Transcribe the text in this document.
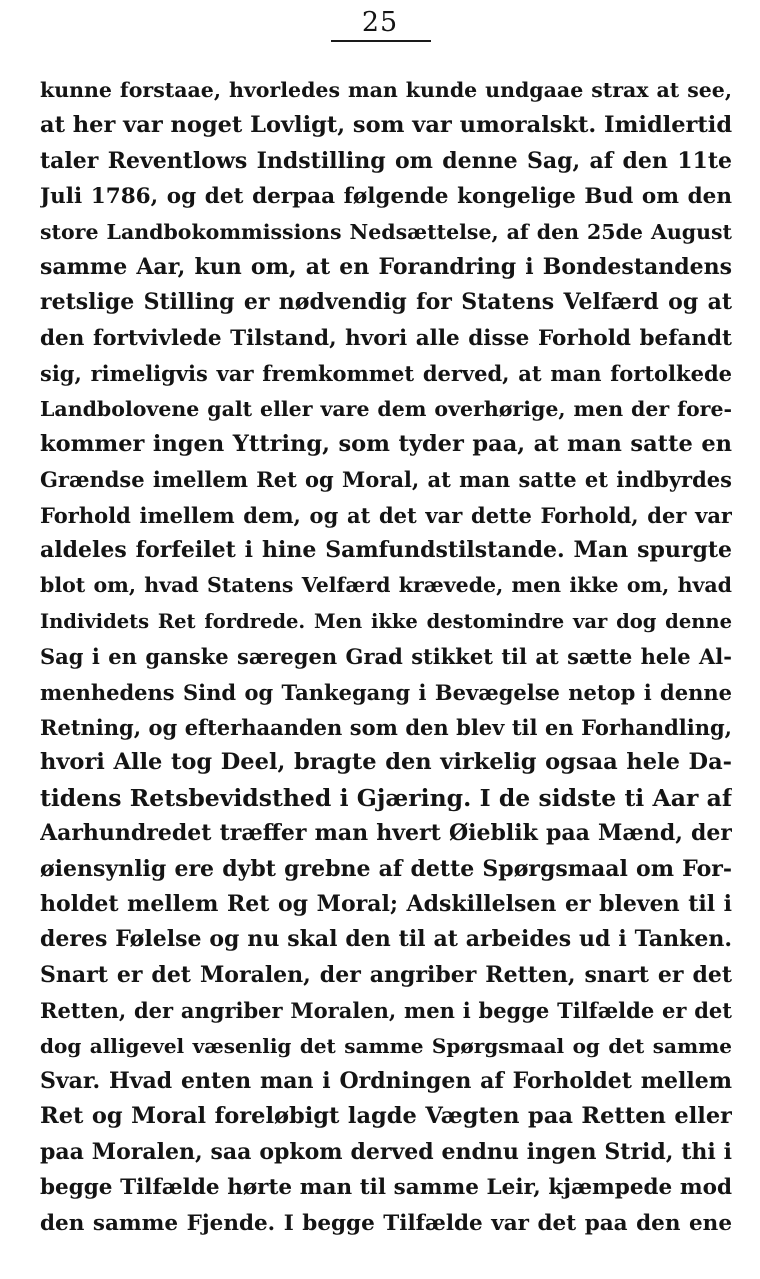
25
kunne forstaae, hvorledes man kunde undgaae strax at see,
at her var noget Lovligt, som var umoralskt. Imidlertid
taler Reventlows Indstilling om denne Sag, af den 11te
Juli 1786, og det derpaa følgende kongelige Bud om den
store Landbokommissions Nedsættelse, af den 25de August
samme Aar, kun om, at en Forandring i Bondestandens
retslige Stilling er nødvendig for Statens Velfærd og at
den fortvivlede Tilstand, hvori alle disse Forhold befandt
sig, rimeligvis var fremkommet derved, at man fortolkede
Landbolovene galt eller vare dem overhørige, men der fore-
kommer ingen Yttring, som tyder paa, at man satte en
Grændse imellem Ret og Moral, at man satte et indbyrdes
Forhold imellem dem, og at det var dette Forhold, der var
aldeles forfeilet i hine Samfundstilstande. Man spurgte
blot om, hvad Statens Velfærd krævede, men ikke om, hvad
Individets Ret fordrede. Men ikke destomindre var dog denne
Sag i en ganske særegen Grad stikket til at sætte hele Al-
menhedens Sind og Tankegang i Bevægelse netop i denne
Retning, og efterhaanden som den blev til en Forhandling,
hvori Alle tog Deel, bragte den virkelig ogsaa hele Da-
tidens Retsbevidsthed i Gjæring. I de sidste ti Aar af
Aarhundredet træffer man hvert Øieblik paa Mænd, der
øiensynlig ere dybt grebne af dette Spørgsmaal om For-
holdet mellem Ret og Moral; Adskillelsen er bleven til i
deres Følelse og nu skal den til at arbeides ud i Tanken.
Snart er det Moralen, der angriber Retten, snart er det
Retten, der angriber Moralen, men i begge Tilfælde er det
dog alligevel væsenlig det samme Spørgsmaal og det samme
Svar. Hvad enten man i Ordningen af Forholdet mellem
Ret og Moral foreløbigt lagde Vægten paa Retten eller
paa Moralen, saa opkom derved endnu ingen Strid, thi i
begge Tilfælde hørte man til samme Leir, kjæmpede mod
den samme Fjende. I begge Tilfælde var det paa den ene
